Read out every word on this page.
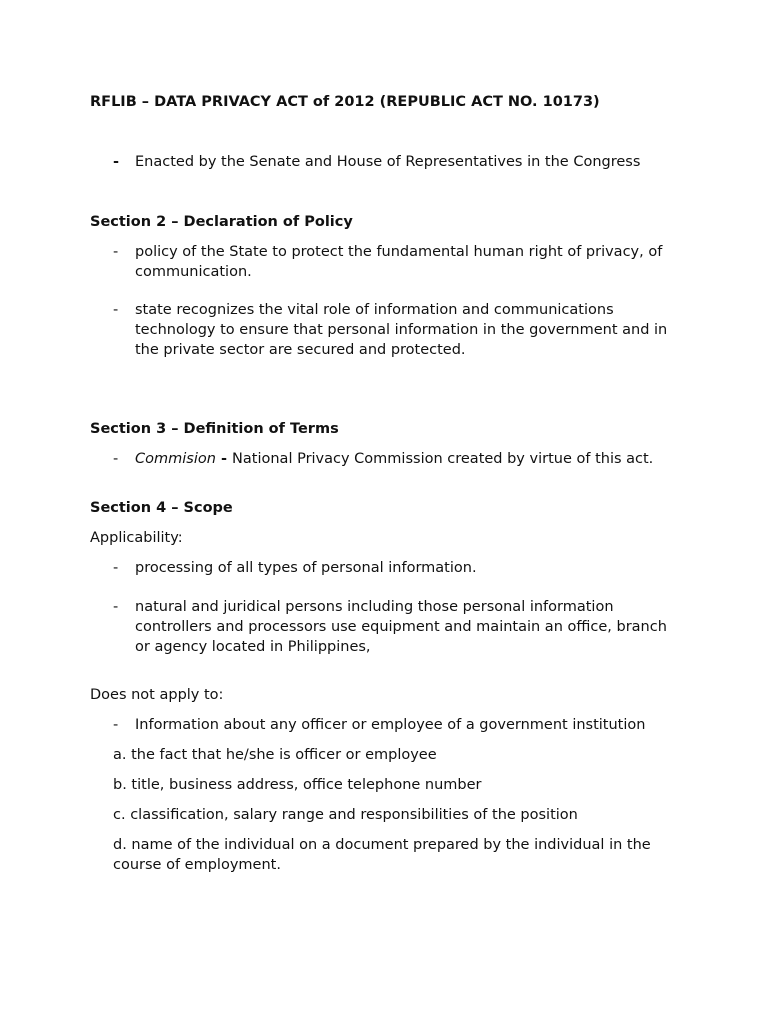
RFLIB – DATA PRIVACY ACT of 2012 (REPUBLIC ACT NO. 10173)
- Enacted by the Senate and House of Representatives in the Congress
Section 2 – Declaration of Policy
-	policy of the State to protect the fundamental human right of privacy, of communication.
-	state recognizes the vital role of information and communications technology to ensure that personal information in the government and in the private sector are secured and protected.
Section 3 – Definition of Terms
-	Commision - National Privacy Commission created by virtue of this act.
Section 4 – Scope
Applicability:
-	processing of all types of personal information.
-	natural and juridical persons including those personal information controllers and processors use equipment and maintain an office, branch or agency located in Philippines,
Does not apply to:
-	Information about any officer or employee of a government institution
a. the fact that he/she is officer or employee
b. title, business address, office telephone number
c. classification, salary range and responsibilities of the position
d. name of the individual on a document prepared by the individual in the course of employment.
